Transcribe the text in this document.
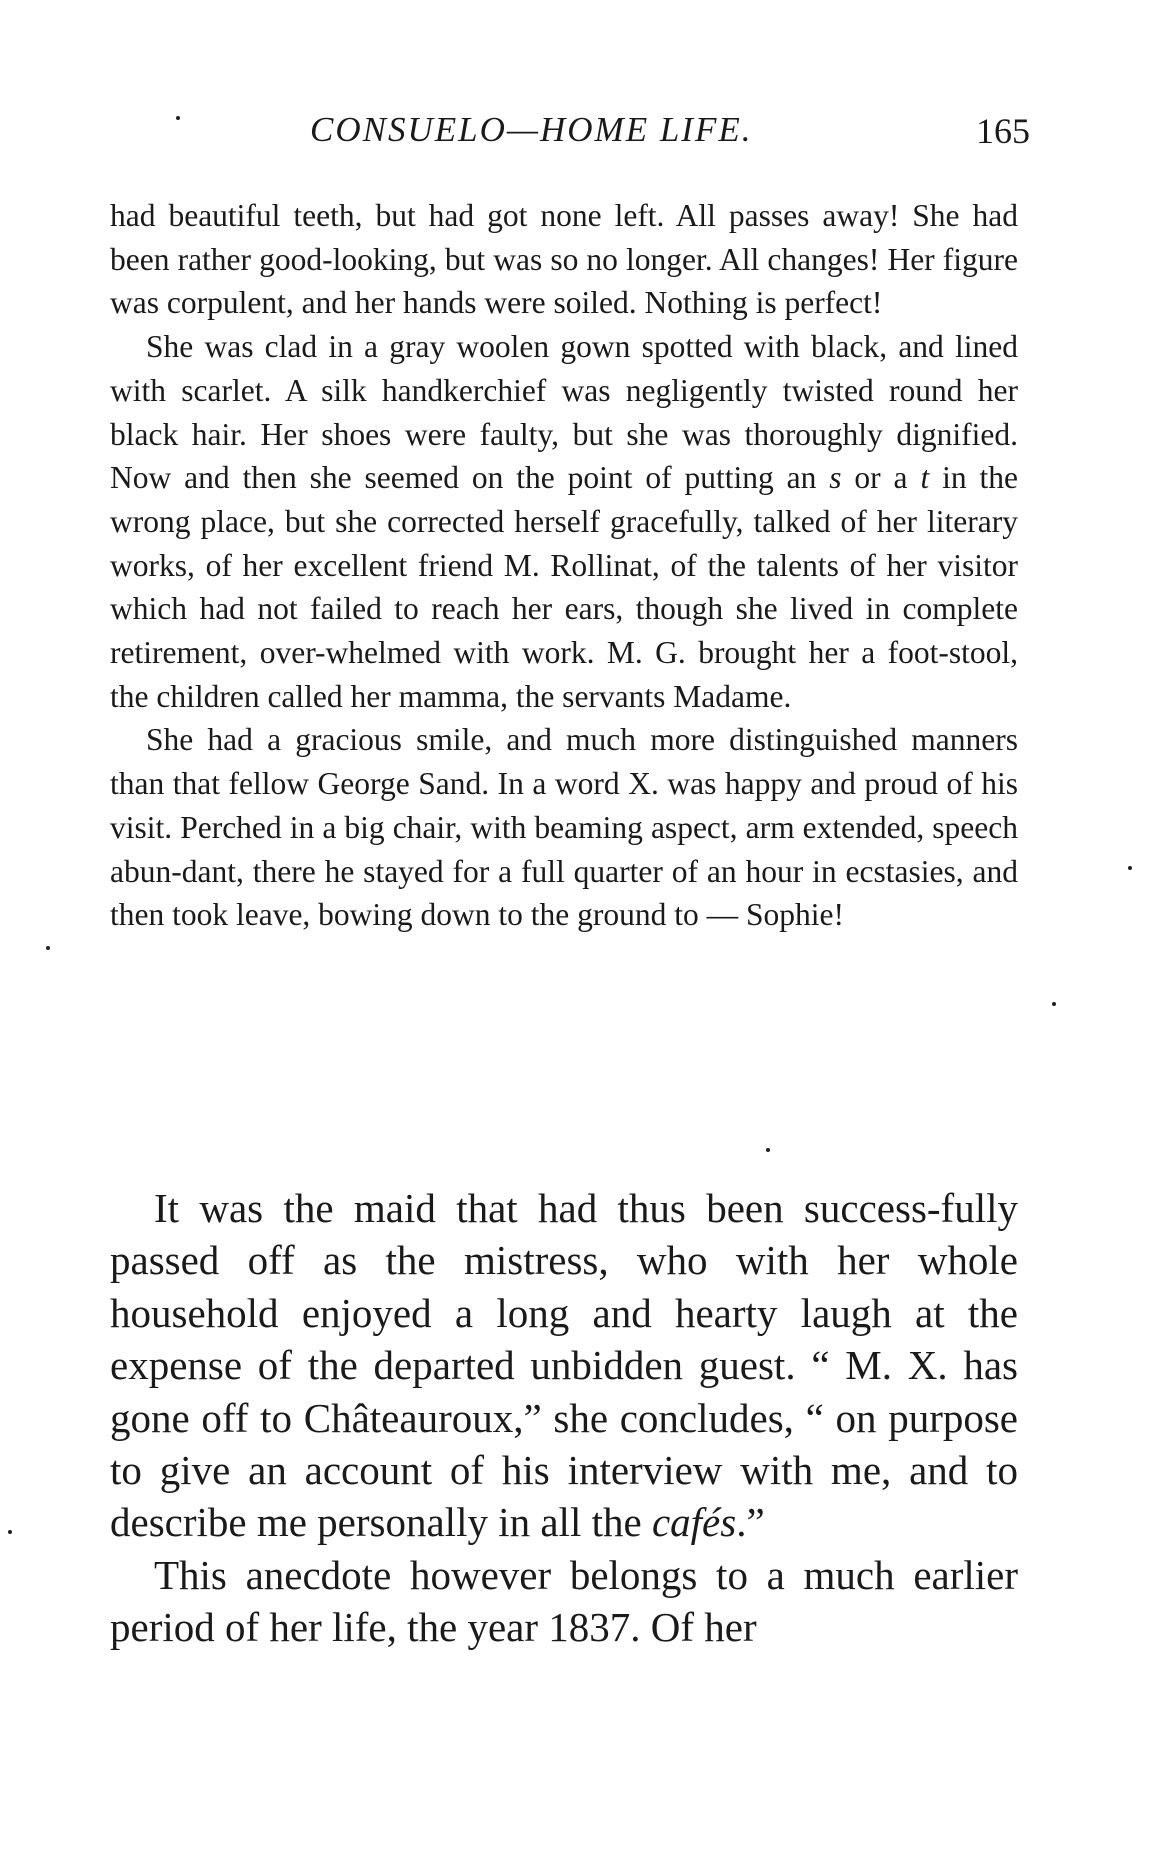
CONSUELO—HOME LIFE.	165

had beautiful teeth, but had got none left. All passes away! She had been rather good-looking, but was so no longer. All changes! Her figure was corpulent, and her hands were soiled. Nothing is perfect!

She was clad in a gray woolen gown spotted with black, and lined with scarlet. A silk handkerchief was negligently twisted round her black hair. Her shoes were faulty, but she was thoroughly dignified. Now and then she seemed on the point of putting an s or a t in the wrong place, but she corrected herself gracefully, talked of her literary works, of her excellent friend M. Rollinat, of the talents of her visitor which had not failed to reach her ears, though she lived in complete retirement, over-whelmed with work. M. G. brought her a foot-stool, the children called her mamma, the servants Madame.

She had a gracious smile, and much more distinguished manners than that fellow George Sand. In a word X. was happy and proud of his visit. Perched in a big chair, with beaming aspect, arm extended, speech abun-dant, there he stayed for a full quarter of an hour in ecstasies, and then took leave, bowing down to the ground to — Sophie!

It was the maid that had thus been success-fully passed off as the mistress, who with her whole household enjoyed a long and hearty laugh at the expense of the departed unbidden guest. “ M. X. has gone off to Châteauroux,” she concludes, “ on purpose to give an account of his interview with me, and to describe me personally in all the cafés.”

This anecdote however belongs to a much earlier period of her life, the year 1837. Of her
